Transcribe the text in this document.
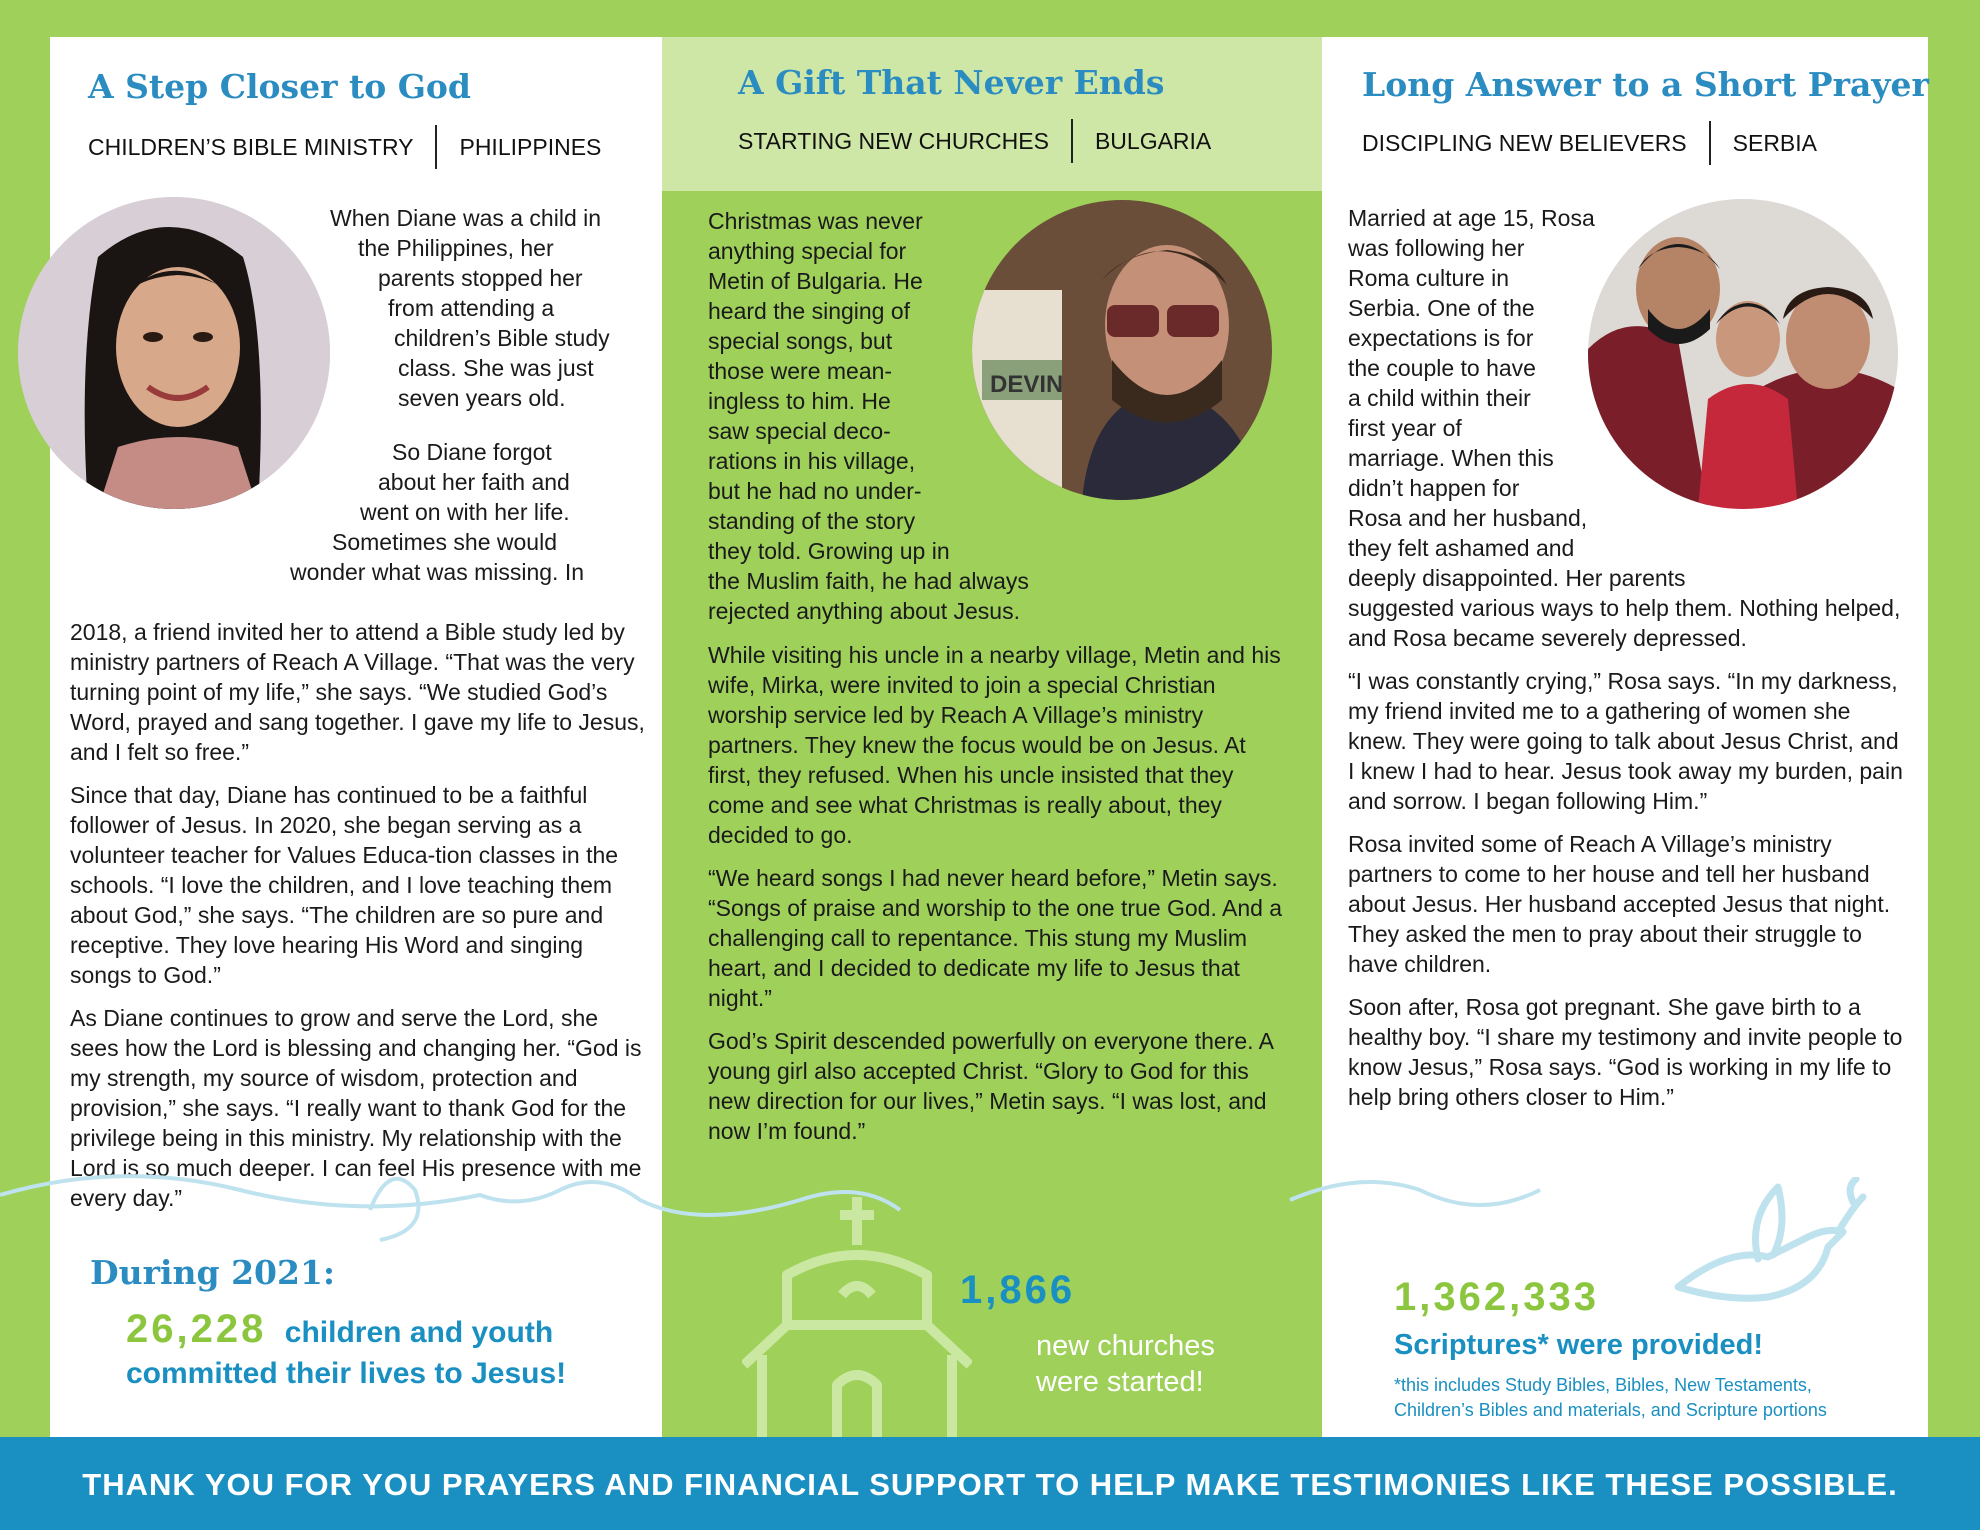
A Step Closer to God
CHILDREN’S BIBLE MINISTRY PHILIPPINES
When Diane was a child in
the Philippines, her
parents stopped her
from attending a
children’s Bible study
class. She was just
seven years old.
So Diane forgot
about her faith and
went on with her life.
Sometimes she would
wonder what was missing. In

2018, a friend invited her to attend a Bible study led by ministry partners of Reach A Village. “That was the very turning point of my life,” she says. “We studied God’s Word, prayed and sang together. I gave my life to Jesus, and I felt so free.”

Since that day, Diane has continued to be a faithful follower of Jesus. In 2020, she began serving as a volunteer teacher for Values Educa-tion classes in the schools. “I love the children, and I love teaching them about God,” she says. “The children are so pure and receptive. They love hearing His Word and singing songs to God.”

As Diane continues to grow and serve the Lord, she sees how the Lord is blessing and changing her. “God is my strength, my source of wisdom, protection and provision,” she says. “I really want to thank God for the privilege being in this ministry. My relationship with the Lord is so much deeper. I can feel His presence with me every day.”

During 2021:
26,228 children and youth
committed their lives to Jesus!
A Gift That Never Ends
STARTING NEW CHURCHES BULGARIA
DEVIN
Christmas was never
anything special for
Metin of Bulgaria. He
heard the singing of
special songs, but
those were mean-
ingless to him. He
saw special deco-
rations in his village,
but he had no under-
standing of the story
they told. Growing up in
the Muslim faith, he had always
rejected anything about Jesus.

While visiting his uncle in a nearby village, Metin and his wife, Mirka, were invited to join a special Christian worship service led by Reach A Village’s ministry partners. They knew the focus would be on Jesus. At first, they refused. When his uncle insisted that they come and see what Christmas is really about, they decided to go.

“We heard songs I had never heard before,” Metin says. “Songs of praise and worship to the one true God. And a challenging call to repentance. This stung my Muslim heart, and I decided to dedicate my life to Jesus that night.”

God’s Spirit descended powerfully on everyone there. A young girl also accepted Christ. “Glory to God for this new direction for our lives,” Metin says. “I was lost, and now I’m found.”

1,866
new churches
were started!
Long Answer to a Short Prayer
DISCIPLING NEW BELIEVERS SERBIA
Married at age 15, Rosa
was following her
Roma culture in
Serbia. One of the
expectations is for
the couple to have
a child within their
first year of
marriage. When this
didn’t happen for
Rosa and her husband,
they felt ashamed and
deeply disappointed. Her parents

suggested various ways to help them. Nothing helped, and Rosa became severely depressed.

“I was constantly crying,” Rosa says. “In my darkness, my friend invited me to a gathering of women she knew. They were going to talk about Jesus Christ, and I knew I had to hear. Jesus took away my burden, pain and sorrow. I began following Him.”

Rosa invited some of Reach A Village’s ministry partners to come to her house and tell her husband about Jesus. Her husband accepted Jesus that night. They asked the men to pray about their struggle to have children.

Soon after, Rosa got pregnant. She gave birth to a healthy boy. “I share my testimony and invite people to know Jesus,” Rosa says. “God is working in my life to help bring others closer to Him.”

1,362,333
Scriptures* were provided!
*this includes Study Bibles, Bibles, New Testaments,
Children’s Bibles and materials, and Scripture portions
THANK YOU FOR YOU PRAYERS AND FINANCIAL SUPPORT TO HELP MAKE TESTIMONIES LIKE THESE POSSIBLE.
